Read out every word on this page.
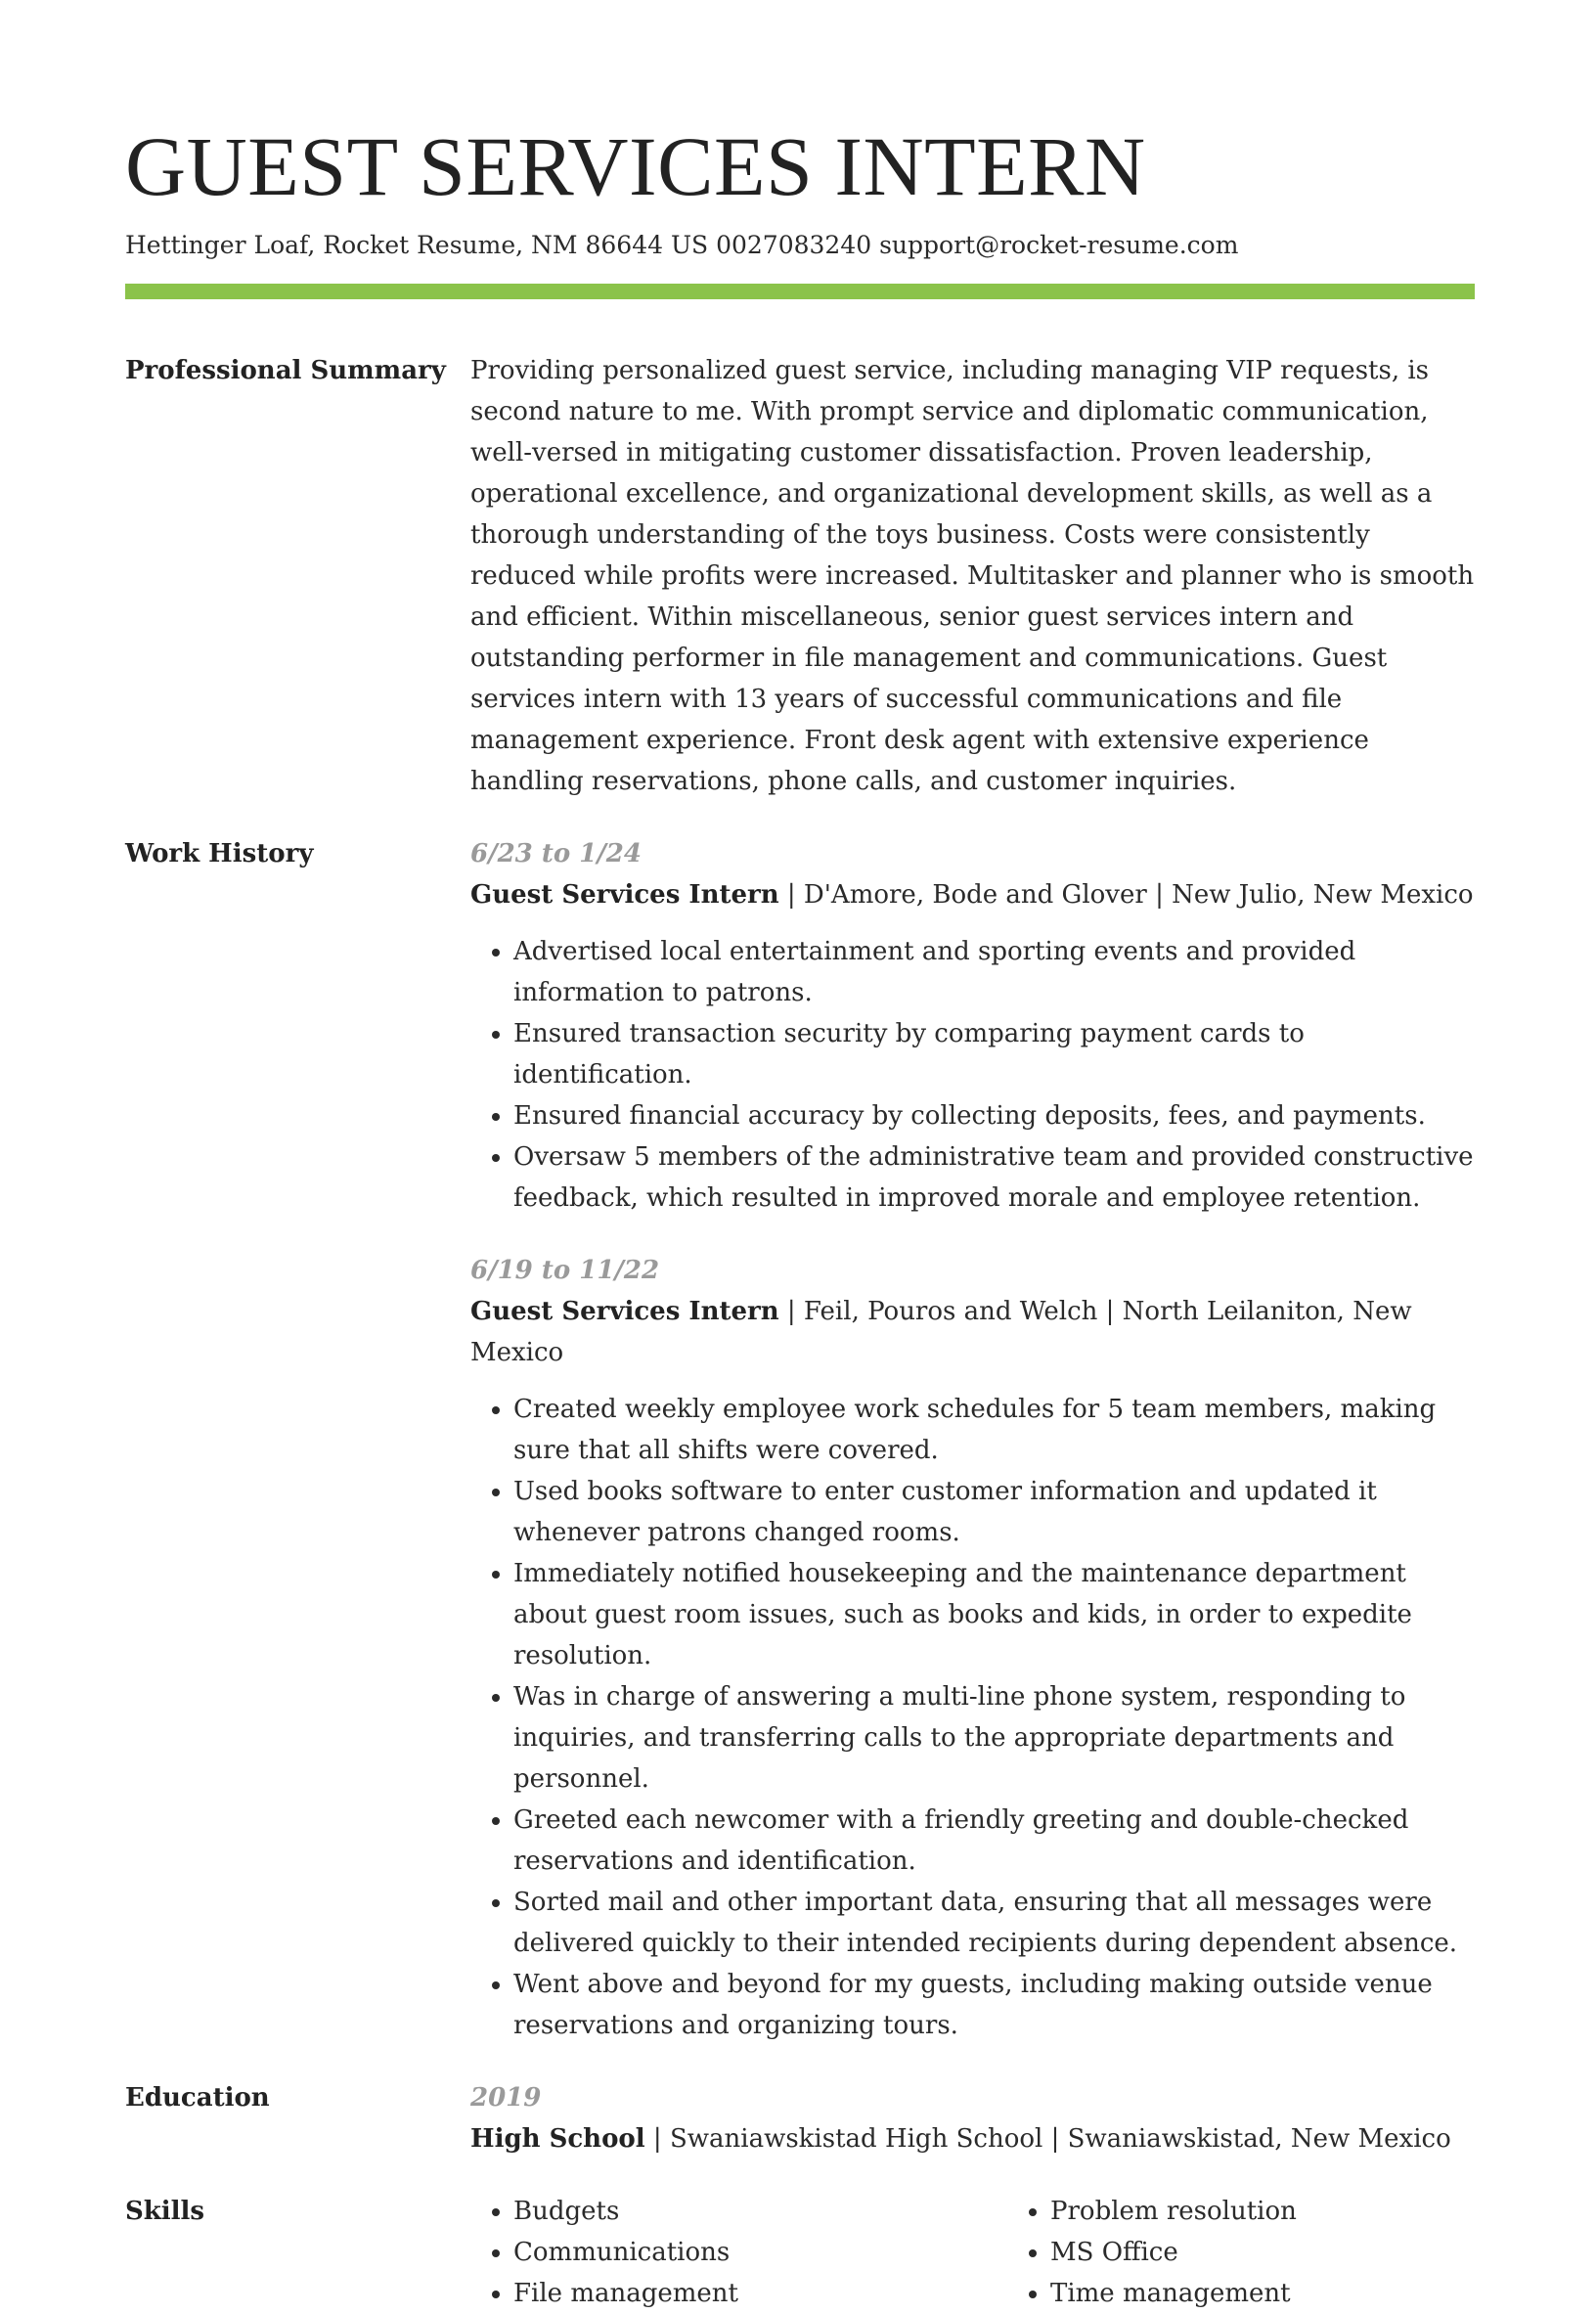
GUEST SERVICES INTERN
Hettinger Loaf, Rocket Resume, NM 86644 US 0027083240 support@rocket-resume.com
Professional Summary Providing personalized guest service, including managing VIP requests, is second nature to me. With prompt service and diplomatic communication, well-versed in mitigating customer dissatisfaction. Proven leadership, operational excellence, and organizational development skills, as well as a thorough understanding of the toys business. Costs were consistently reduced while profits were increased. Multitasker and planner who is smooth and efficient. Within miscellaneous, senior guest services intern and outstanding performer in file management and communications. Guest services intern with 13 years of successful communications and file management experience. Front desk agent with extensive experience handling reservations, phone calls, and customer inquiries.
Work History	6/23 to 1/24
Guest Services Intern | D'Amore, Bode and Glover | New Julio, New Mexico
• Advertised local entertainment and sporting events and provided information to patrons.
• Ensured transaction security by comparing payment cards to identification.
• Ensured financial accuracy by collecting deposits, fees, and payments.
• Oversaw 5 members of the administrative team and provided constructive feedback, which resulted in improved morale and employee retention.
6/19 to 11/22
Guest Services Intern | Feil, Pouros and Welch | North Leilaniton, New Mexico
• Created weekly employee work schedules for 5 team members, making sure that all shifts were covered.
• Used books software to enter customer information and updated it whenever patrons changed rooms.
• Immediately notified housekeeping and the maintenance department about guest room issues, such as books and kids, in order to expedite resolution.
• Was in charge of answering a multi-line phone system, responding to inquiries, and transferring calls to the appropriate departments and personnel.
• Greeted each newcomer with a friendly greeting and double-checked reservations and identification.
• Sorted mail and other important data, ensuring that all messages were delivered quickly to their intended recipients during dependent absence.
• Went above and beyond for my guests, including making outside venue reservations and organizing tours.
Education	2019
High School | Swaniawskistad High School | Swaniawskistad, New Mexico
Skills
•	Budgets
• Communications
• File management
• Problem resolution
• MS Office
• Time management
